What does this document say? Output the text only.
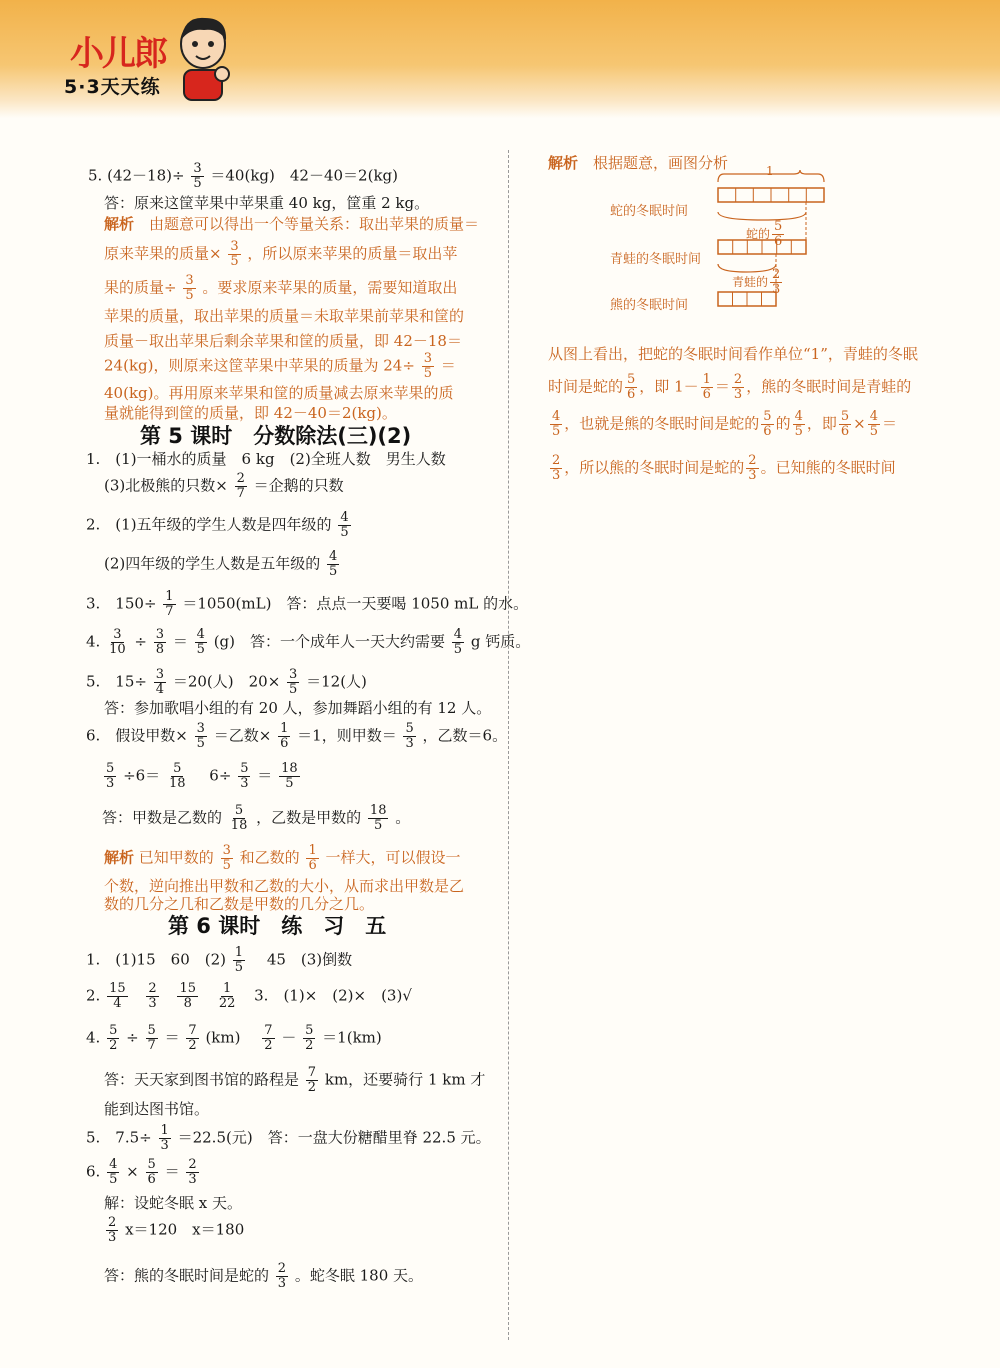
小儿郎
5·3天天练
5. $(42-18)\div \frac{3}{5} =40(kg)$　42－40＝2(kg)
答：原来这筐苹果中苹果重 40 kg，筐重 2 kg。
解析　 由题意可以得出一个等量关系：取出苹果的质量＝
原来苹果的质量× $\frac{3}{5}$ ，所以原来苹果的质量＝取出苹
果的质量÷ $\frac{3}{5}$ 。要求原来苹果的质量，需要知道取出
苹果的质量，取出苹果的质量＝未取苹果前苹果和筐的
质量－取出苹果后剩余苹果和筐的质量，即 42－18＝
24(kg)，则原来这筐苹果中苹果的质量为 $24\div \frac{3}{5}$ ＝
40(kg)。再用原来苹果和筐的质量减去原来苹果的质
量就能得到筐的质量，即 42－40＝2(kg)。
第 5 课时　分数除法(三)(2)
1.　(1)一桶水的质量　6 kg　(2)全班人数　男生人数
(3)北极熊的只数× $\frac{2}{7}$ ＝企鹅的只数
2.　(1)五年级的学生人数是四年级的 $\frac{4}{5}$
(2)四年级的学生人数是五年级的 $\frac{4}{5}$
3.　$150\div \frac{1}{7} =1050(mL)$　答：点点一天要喝 1050 mL 的水。
4. $\frac{3}{10} \div \frac{3}{8} = \frac{4}{5} (g)$　答：一个成年人一天大约需要 $\frac{4}{5}$ g 钙质。
5.　$15\div \frac{3}{4} =20$(人)　$20\times \frac{3}{5} =12$(人)
答：参加歌唱小组的有 20 人，参加舞蹈小组的有 12 人。
6.　假设甲数× $\frac{3}{5}$ ＝乙数× $\frac{1}{6} =1$，则甲数＝ $\frac{5}{3}$ ，乙数＝6。
$\frac{5}{3} \div 6= \frac{5}{18}$ 　$6\div \frac{5}{3} = \frac{18}{5}$
答：甲数是乙数的 $\frac{5}{18}$ ，乙数是甲数的 $\frac{18}{5}$ 。
解析 已知甲数的 $\frac{3}{5}$ 和乙数的 $\frac{1}{6}$ 一样大，可以假设一
个数，逆向推出甲数和乙数的大小，从而求出甲数是乙
数的几分之几和乙数是甲数的几分之几。
第 6 课时　练　习　五
1.　(1)15　60　$(2) \frac{1}{5}$ 　45　(3)倒数
2. $\frac{15}{4}$
$\frac{2}{3}$
$\frac{15}{8}$
$\frac{1}{22} 3$.　(1)×　(2)×　(3)√
4. $\frac{5}{2} \div \frac{5}{7} = \frac{7}{2} (km)$　 $\frac{7}{2} - \frac{5}{2} =1(km)$
答：天天家到图书馆的路程是 $\frac{7}{2}$ km，还要骑行 1 km 才
能到达图书馆。
5.　$7.5\div \frac{1}{3} =22.5$(元)　答：一盘大份糖醋里脊 22.5 元。
6. $\frac{4}{5} \times \frac{5}{6} = \frac{2}{3}$
解：设蛇冬眠 x 天。
$\frac{2}{3} x=120$　x＝180
答：熊的冬眠时间是蛇的 $\frac{2}{3}$ 。蛇冬眠 180 天。
解析　 根据题意，画图分析	1
蛇的冬眠时间
蛇的 $\frac{5}{6}$
青蛙的冬眠时间
青蛙的 $\frac{2}{3}$
熊的冬眠时间
从图上看出，把蛇的冬眠时间看作单位“1”，青蛙的冬眠
时间是蛇的 $\frac{5}{6}$ ，即 $1- \frac{1}{6} = \frac{2}{3}$ ，熊的冬眠时间是青蛙的
$\frac{4}{5}$ ，也就是熊的冬眠时间是蛇的 $\frac{5}{6}$ 的 $\frac{4}{5}$ ，即 $\frac{5}{6} \times \frac{4}{5}$ ＝
$\frac{2}{3}$ ，所以熊的冬眠时间是蛇的 $\frac{2}{3}$ 。已知熊的冬眠时间
